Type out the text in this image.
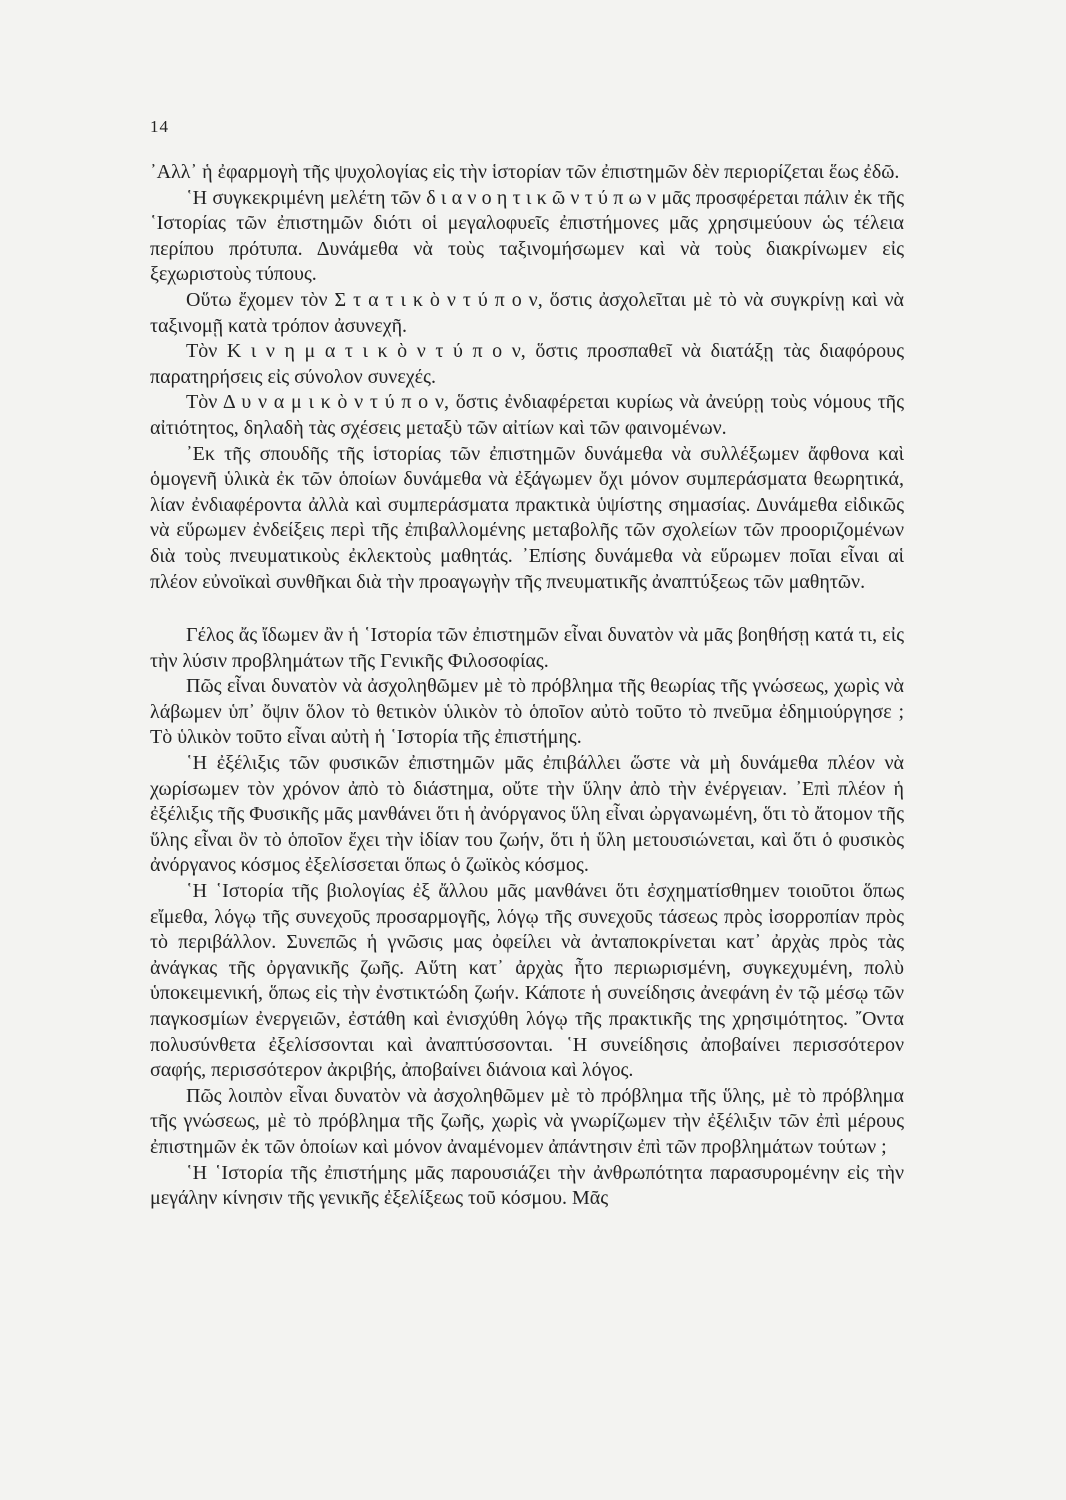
14

᾿Αλλ᾿ ἡ ἐφαρμογὴ τῆς ψυχολογίας εἰς τὴν ἱστορίαν τῶν ἐπιστημῶν δὲν περιορίζεται ἕως ἐδῶ.

῾Η συγκεκριμένη μελέτη τῶν δ ι α ν ο η τ ι κ ῶ ν τ ύ π ω ν μᾶς προσφέρεται πάλιν ἐκ τῆς ῾Ιστορίας τῶν ἐπιστημῶν διότι οἱ μεγαλοφυεῖς ἐπιστήμονες μᾶς χρησιμεύουν ὡς τέλεια περίπου πρότυπα. Δυνάμεθα νὰ τοὺς ταξινομήσωμεν καὶ νὰ τοὺς διακρίνωμεν εἰς ξεχωριστοὺς τύπους.

Οὕτω ἔχομεν τὸν Σ τ α τ ι κ ὸ ν τ ύ π ο ν, ὅστις ἀσχολεῖται μὲ τὸ νὰ συγκρίνῃ καὶ νὰ ταξινομῇ κατὰ τρόπον ἀσυνεχῆ.

Τὸν Κ ι ν η μ α τ ι κ ὸ ν τ ύ π ο ν, ὅστις προσπαθεῖ νὰ διατάξῃ τὰς διαφόρους παρατηρήσεις εἰς σύνολον συνεχές.

Τὸν Δ υ ν α μ ι κ ὸ ν τ ύ π ο ν, ὅστις ἐνδιαφέρεται κυρίως νὰ ἀνεύρῃ τοὺς νόμους τῆς αἰτιότητος, δηλαδὴ τὰς σχέσεις μεταξὺ τῶν αἰτίων καὶ τῶν φαινομένων.

᾿Εκ τῆς σπουδῆς τῆς ἱστορίας τῶν ἐπιστημῶν δυνάμεθα νὰ συλλέξωμεν ἄφθονα καὶ ὁμογενῆ ὑλικὰ ἐκ τῶν ὁποίων δυνάμεθα νὰ ἐξάγωμεν ὄχι μόνον συμπεράσματα θεωρητικά, λίαν ἐνδιαφέροντα ἀλλὰ καὶ συμπεράσματα πρακτικὰ ὑψίστης σημασίας. Δυνάμεθα εἰδικῶς νὰ εὕρωμεν ἐνδείξεις περὶ τῆς ἐπιβαλλομένης μεταβολῆς τῶν σχολείων τῶν προοριζομένων διὰ τοὺς πνευματικοὺς ἐκλεκτοὺς μαθητάς. ᾿Επίσης δυνάμεθα νὰ εὕρωμεν ποῖαι εἶναι αἱ πλέον εὐνοϊκαὶ συνθῆκαι διὰ τὴν προαγωγὴν τῆς πνευματικῆς ἀναπτύξεως τῶν μαθητῶν.

Γέλος ἄς ἴδωμεν ἂν ἡ ῾Ιστορία τῶν ἐπιστημῶν εἶναι δυνατὸν νὰ μᾶς βοηθήσῃ κατά τι, εἰς τὴν λύσιν προβλημάτων τῆς Γενικῆς Φιλοσοφίας.

Πῶς εἶναι δυνατὸν νὰ ἀσχοληθῶμεν μὲ τὸ πρόβλημα τῆς θεωρίας τῆς γνώσεως, χωρὶς νὰ λάβωμεν ὑπ᾿ ὄψιν ὅλον τὸ θετικὸν ὑλικὸν τὸ ὁποῖον αὐτὸ τοῦτο τὸ πνεῦμα ἐδημιούργησε ; Τὸ ὑλικὸν τοῦτο εἶναι αὐτὴ ἡ ῾Ιστορία τῆς ἐπιστήμης.

῾Η ἐξέλιξις τῶν φυσικῶν ἐπιστημῶν μᾶς ἐπιβάλλει ὥστε νὰ μὴ δυνάμεθα πλέον νὰ χωρίσωμεν τὸν χρόνον ἀπὸ τὸ διάστημα, οὔτε τὴν ὕλην ἀπὸ τὴν ἐνέργειαν. ᾿Επὶ πλέον ἡ ἐξέλιξις τῆς Φυσικῆς μᾶς μανθάνει ὅτι ἡ ἀνόργανος ὕλη εἶναι ὠργανωμένη, ὅτι τὸ ἄτομον τῆς ὕλης εἶναι ὂν τὸ ὁποῖον ἔχει τὴν ἰδίαν του ζωήν, ὅτι ἡ ὕλη μετουσιώνεται, καὶ ὅτι ὁ φυσικὸς ἀνόργανος κόσμος ἐξελίσσεται ὅπως ὁ ζωϊκὸς κόσμος.

῾Η ῾Ιστορία τῆς βιολογίας ἐξ ἄλλου μᾶς μανθάνει ὅτι ἐσχηματίσθημεν τοιοῦτοι ὅπως εἴμεθα, λόγῳ τῆς συνεχοῦς προσαρμογῆς, λόγῳ τῆς συνεχοῦς τάσεως πρὸς ἰσορροπίαν πρὸς τὸ περιβάλλον. Συνεπῶς ἡ γνῶσις μας ὀφείλει νὰ ἀνταποκρίνεται κατ᾿ ἀρχὰς πρὸς τὰς ἀνάγκας τῆς ὀργανικῆς ζωῆς. Αὕτη κατ᾿ ἀρχὰς ἦτο περιωρισμένη, συγκεχυμένη, πολὺ ὑποκειμενική, ὅπως εἰς τὴν ἐνστικτώδη ζωήν. Κάποτε ἡ συνείδησις ἀνεφάνη ἐν τῷ μέσῳ τῶν παγκοσμίων ἐνεργειῶν, ἐστάθη καὶ ἐνισχύθη λόγῳ τῆς πρακτικῆς της χρησιμότητος. ῎Οντα πολυσύνθετα ἐξελίσσονται καὶ ἀναπτύσσονται. ῾Η συνείδησις ἀποβαίνει περισσότερον σαφής, περισσότερον ἀκριβής, ἀποβαίνει διάνοια καὶ λόγος.

Πῶς λοιπὸν εἶναι δυνατὸν νὰ ἀσχοληθῶμεν μὲ τὸ πρόβλημα τῆς ὕλης, μὲ τὸ πρόβλημα τῆς γνώσεως, μὲ τὸ πρόβλημα τῆς ζωῆς, χωρὶς νὰ γνωρίζωμεν τὴν ἐξέλιξιν τῶν ἐπὶ μέρους ἐπιστημῶν ἐκ τῶν ὁποίων καὶ μόνον ἀναμένομεν ἀπάντησιν ἐπὶ τῶν προβλημάτων τούτων ;

῾Η ῾Ιστορία τῆς ἐπιστήμης μᾶς παρουσιάζει τὴν ἀνθρωπότητα παρασυρομένην εἰς τὴν μεγάλην κίνησιν τῆς γενικῆς ἐξελίξεως τοῦ κόσμου. Μᾶς
